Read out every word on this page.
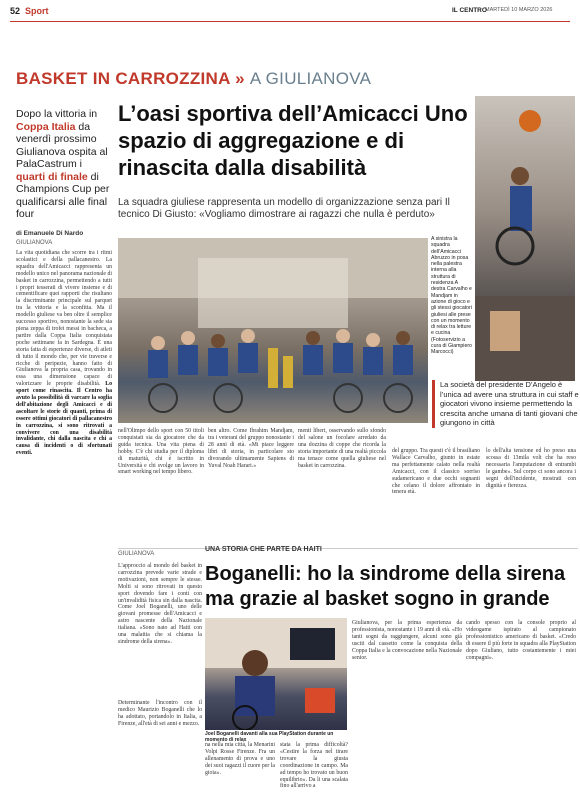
52 Sport	IL CENTRO
MARTEDÌ 10 MARZO 2026
BASKET IN CARROZZINA » A GIULIANOVA
Dopo la vittoria in Coppa Italia da venerdì prossimo Giulianova ospita al PalaCastrum i quarti di finale di Champions Cup per qualificarsi alle final four
L’oasi sportiva dell’Amicacci Uno spazio di aggregazione e di rinascita dalla disabilità
La squadra giuliese rappresenta un modello di organizzazione senza pari Il tecnico Di Giusto: «Vogliamo dimostrare ai ragazzi che nulla è perduto»
di Emanuele Di Nardo
GIULIANOVA
La vita quotidiana che scorre tra i ritmi scolastici e della pallacanestro. La squadra dell'Amicacci rappresenta un modello unico nel panorama nazionale di basket in carrozzina, permettendo a tutti i propri tesserati di vivere insieme e di cementificare quei rapporti che risultano la discriminante principale sul parquet tra la vittoria e la sconfitta. Ma il modello giuliese va ben oltre il semplice successo sportivo, nonostante la sede sia piena zeppa di trofei messi in bacheca, a partire dalla Coppa Italia conquistata poche settimane fa in Sardegna. È una storia fatta di esperienze diverse, di atleti di tutto il mondo che, per vie traverse e ricche di peripezie, hanno fatto di Giulianova la propria casa, trovando in essa una dimensione capace di valorizzare le proprie disabilità. Lo sport come rinascita. Il Centro ha avuto la possibilità di varcare la soglia dell'abitazione degli Amicacci e di ascoltare le storie di quanti, prima di essere ottimi giocatori di pallacanestro in carrozzina, si sono ritrovati a convivere con una disabilità invalidante, chi dalla nascita e chi a causa di incidenti o di sfortunati eventi.
A sinistra la squadra dell’Amicacci Abruzzo in posa nella palestra interna alla struttura di residenza A destra Carvalho e Mandjam in azione di gioco e gli stessi giocatori giuliesi alle prese con un momento di relax tra letture e cucina (Fotoservizio a cura di Giampiero Marcocci)
La società del presidente D’Angelo è l’unica ad avere una struttura in cui staff e giocatori vivono insieme permettendo la crescita anche umana di tanti giovani che giungono in città
nell'Olimpo dello sport con 50 titoli conquistati sia da giocatore che da guida tecnica. Una vita piena di hobby. C'è chi studia per il diploma di maturità, chi è iscritto in Università e chi svolge un lavoro in smart working nel tempo libero.
ben altro. Come Ibrahim Mandjam, tra i veterani del gruppo nonostante i 28 anni di età. «Mi piace leggere libri di storia, in particolare sto divorando ultimamente Sapiens di Yuval Noah Harari.»
menti liberi, osservando sullo sfondo del salone un focolare arredato da una dozzina di coppe che ricorda la storia importante di una realtà piccola ma tenace come quella giuliese nel basket in carrozzina.
del gruppo. Tra questi c'è il brasiliano Wallace Carvalho, giunto in estate ma perfettamente calato nella realtà Amicacci, con il classico sorriso sudamericano e due occhi sognanti che celano il dolore affrontato in tenera età.
lo dell'alta tensione ed ho preso una scossa di 13mila volt che ha reso necessaria l'amputazione di entrambi le gambe». Sul corpo ci sono ancora i segni dell'incidente, mostrati con dignità e fierezza.
GIULIANOVA
UNA STORIA CHE PARTE DA HAITI
Boganelli: ho la sindrome della sirena ma grazie al basket sogno in grande
L'approccio al mondo del basket in carrozzina prevede varie strade e motivazioni, non sempre le stesse. Molti si sono ritrovati in questo sport dovendo fare i conti con un'invalidità fisica sin dalla nascita. Come Joel Boganelli, uno delle giovani promesse dell'Amicacci e astro nascente della Nazionale italiana. «Sono nato ad Haiti con una malattia che si chiama la sindrome della sirena».
Determinante l'incontro con il medico Maurizio Boganelli che lo ha adottato, portandolo in Italia, a Firenze, all'età di sei anni e mezzo.
Joel Boganelli davanti alla sua PlayStation durante un momento di relax
na nella mia città, la Menarini Volpi Rosse Firenze. Fra un allenamento di prova e uno dei suoi ragazzi il cuore per la gioia».
stata la prima difficoltà? «Cestire la forza nel tirare trovare la giusta coordinazione in campo. Ma ad tempo ho trovato un buon equilibrio». Da li una scalata fino all'arrivo a
Giulianova, per la prima esperienza da professionista, nonostante i 19 anni di età. «Ho tanti sogni da raggiungere, alcuni sono già usciti dal cassetto come la conquista della Coppa Italia e la convocazione nella Nazionale senior.
cando spesso con la console proprio al videogame ispirato al campionato professionistico americano di basket. «Credo di essere il più forte in squadra alla PlayStation dopo Giuliano, tutto costantemente i miei compagni».
